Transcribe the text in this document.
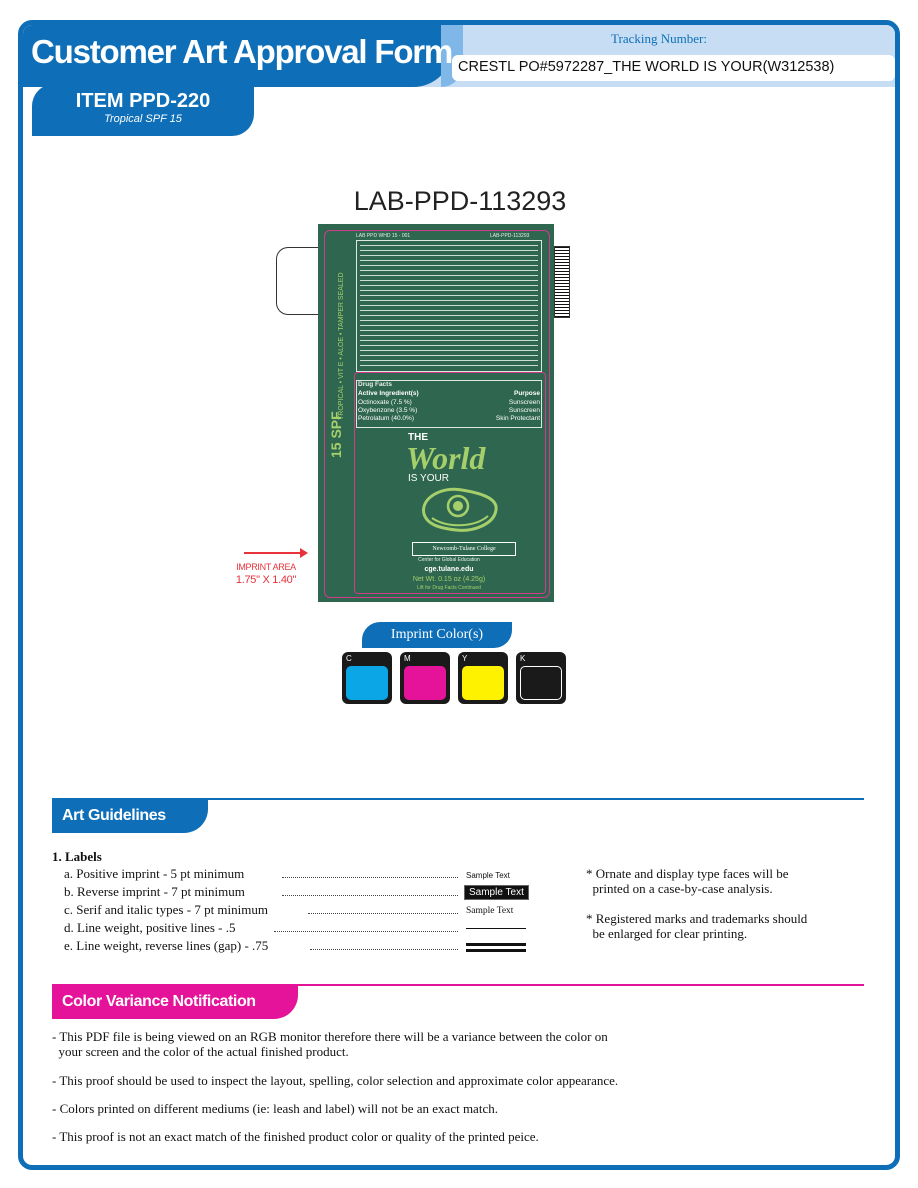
Customer Art Approval Form	Tracking Number:
CRESTL PO#5972287_THE WORLD IS YOUR(W312538)
ITEM PPD-220
Tropical SPF 15
LAB-PPD-113293
LAB PPD WHD 15 - 001	LAB-PPD-113293
TROPICAL • VIT E • ALOE • TAMPER SEALED
15 SPF
Drug Facts
Active Ingredient(s)	Purpose
Octinoxate (7.5 %)	Sunscreen
Oxybenzone (3.5 %)	Sunscreen
Petrolatum (40.0%)	Skin Protectant
THE
World
IS YOUR
Newcomb-Tulane College
Center for Global Education
cge.tulane.edu
Net Wt. 0.15 oz (4.25g)
Lift for Drug Facts Continued
IMPRINT AREA
1.75" X 1.40"
Imprint Color(s)
C	M	Y	K
Art Guidelines
1. Labels
a. Positive imprint - 5 pt minimum	Sample Text
b. Reverse imprint - 7 pt minimum	Sample Text
c. Serif and italic types - 7 pt minimum	Sample Text
d. Line weight, positive lines - .5
e. Line weight, reverse lines (gap) - .75
* Ornate and display type faces will be
printed on a case-by-case analysis.
* Registered marks and trademarks should
be enlarged for clear printing.
Color Variance Notification
- This PDF file is being viewed on an RGB monitor therefore there will be a variance between the color on
your screen and the color of the actual finished product.
- This proof should be used to inspect the layout, spelling, color selection and approximate color appearance.
- Colors printed on different mediums (ie: leash and label) will not be an exact match.
- This proof is not an exact match of the finished product color or quality of the printed peice.
